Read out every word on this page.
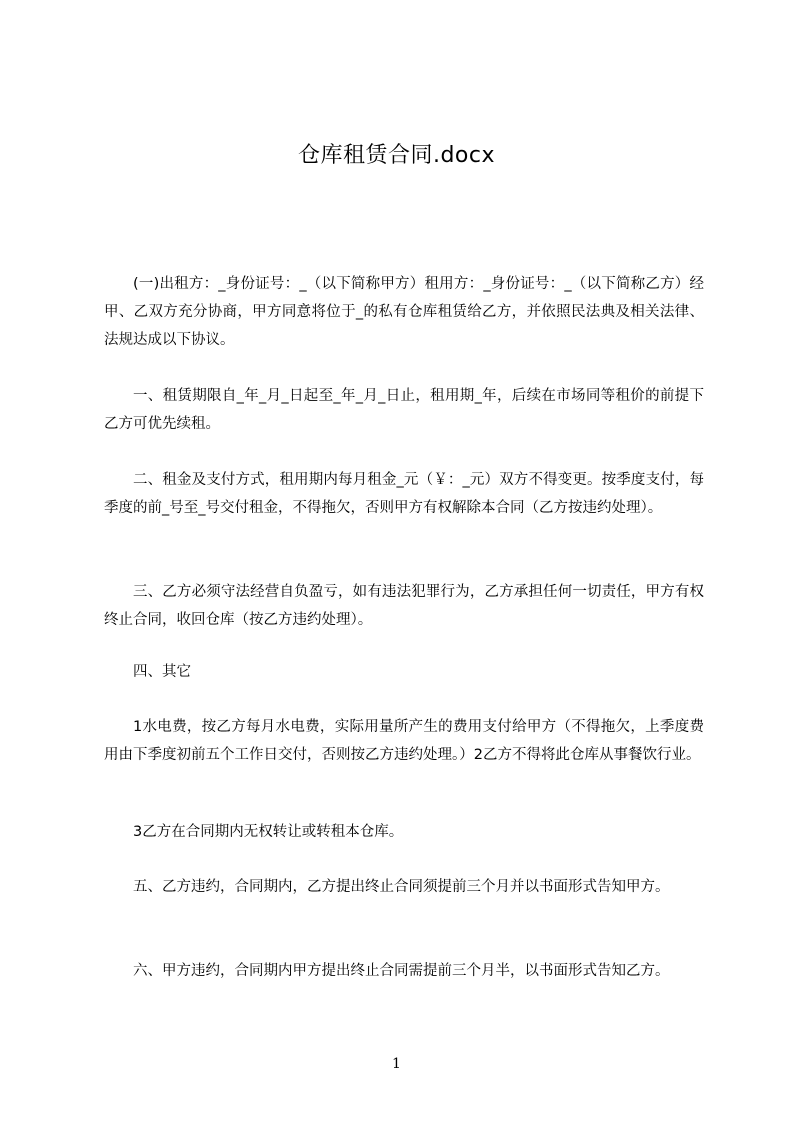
仓库租赁合同.docx

(一)出租方：_身份证号：_（以下简称甲方）租用方：_身份证号：_（以下简称乙方）经甲、乙双方充分协商，甲方同意将位于_的私有仓库租赁给乙方，并依照民法典及相关法律、法规达成以下协议。

一、租赁期限自_年_月_日起至_年_月_日止，租用期_年，后续在市场同等租价的前提下乙方可优先续租。

二、租金及支付方式，租用期内每月租金_元（￥：_元）双方不得变更。按季度支付，每季度的前_号至_号交付租金，不得拖欠，否则甲方有权解除本合同（乙方按违约处理）。

三、乙方必须守法经营自负盈亏，如有违法犯罪行为，乙方承担任何一切责任，甲方有权终止合同，收回仓库（按乙方违约处理）。

四、其它

1水电费，按乙方每月水电费，实际用量所产生的费用支付给甲方（不得拖欠，上季度费用由下季度初前五个工作日交付，否则按乙方违约处理。）2乙方不得将此仓库从事餐饮行业。

3乙方在合同期内无权转让或转租本仓库。

五、乙方违约，合同期内，乙方提出终止合同须提前三个月并以书面形式告知甲方。

六、甲方违约，合同期内甲方提出终止合同需提前三个月半，以书面形式告知乙方。

1
